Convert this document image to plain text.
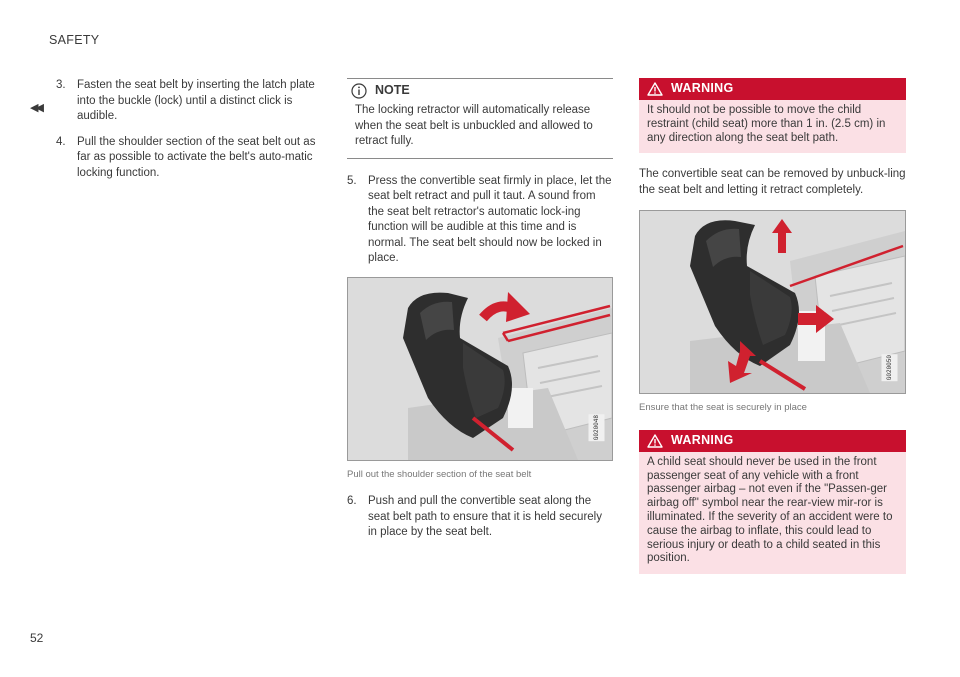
SAFETY
◀◀
52
3. Fasten the seat belt by inserting the latch plate into the buckle (lock) until a distinct click is audible.
4. Pull the shoulder section of the seat belt out as far as possible to activate the belt's auto-matic locking function.
NOTE
The locking retractor will automatically release when the seat belt is unbuckled and allowed to retract fully.
5. Press the convertible seat firmly in place, let the seat belt retract and pull it taut. A sound from the seat belt retractor's automatic lock-ing function will be audible at this time and is normal. The seat belt should now be locked in place.
G020048
Pull out the shoulder section of the seat belt
6. Push and pull the convertible seat along the seat belt path to ensure that it is held securely in place by the seat belt.
WARNING
It should not be possible to move the child restraint (child seat) more than 1 in. (2.5 cm) in any direction along the seat belt path.

The convertible seat can be removed by unbuck-ling the seat belt and letting it retract completely.

G020050
Ensure that the seat is securely in place
WARNING
A child seat should never be used in the front passenger seat of any vehicle with a front passenger airbag – not even if the "Passen-ger airbag off" symbol near the rear-view mir-ror is illuminated. If the severity of an accident were to cause the airbag to inflate, this could lead to serious injury or death to a child seated in this position.
